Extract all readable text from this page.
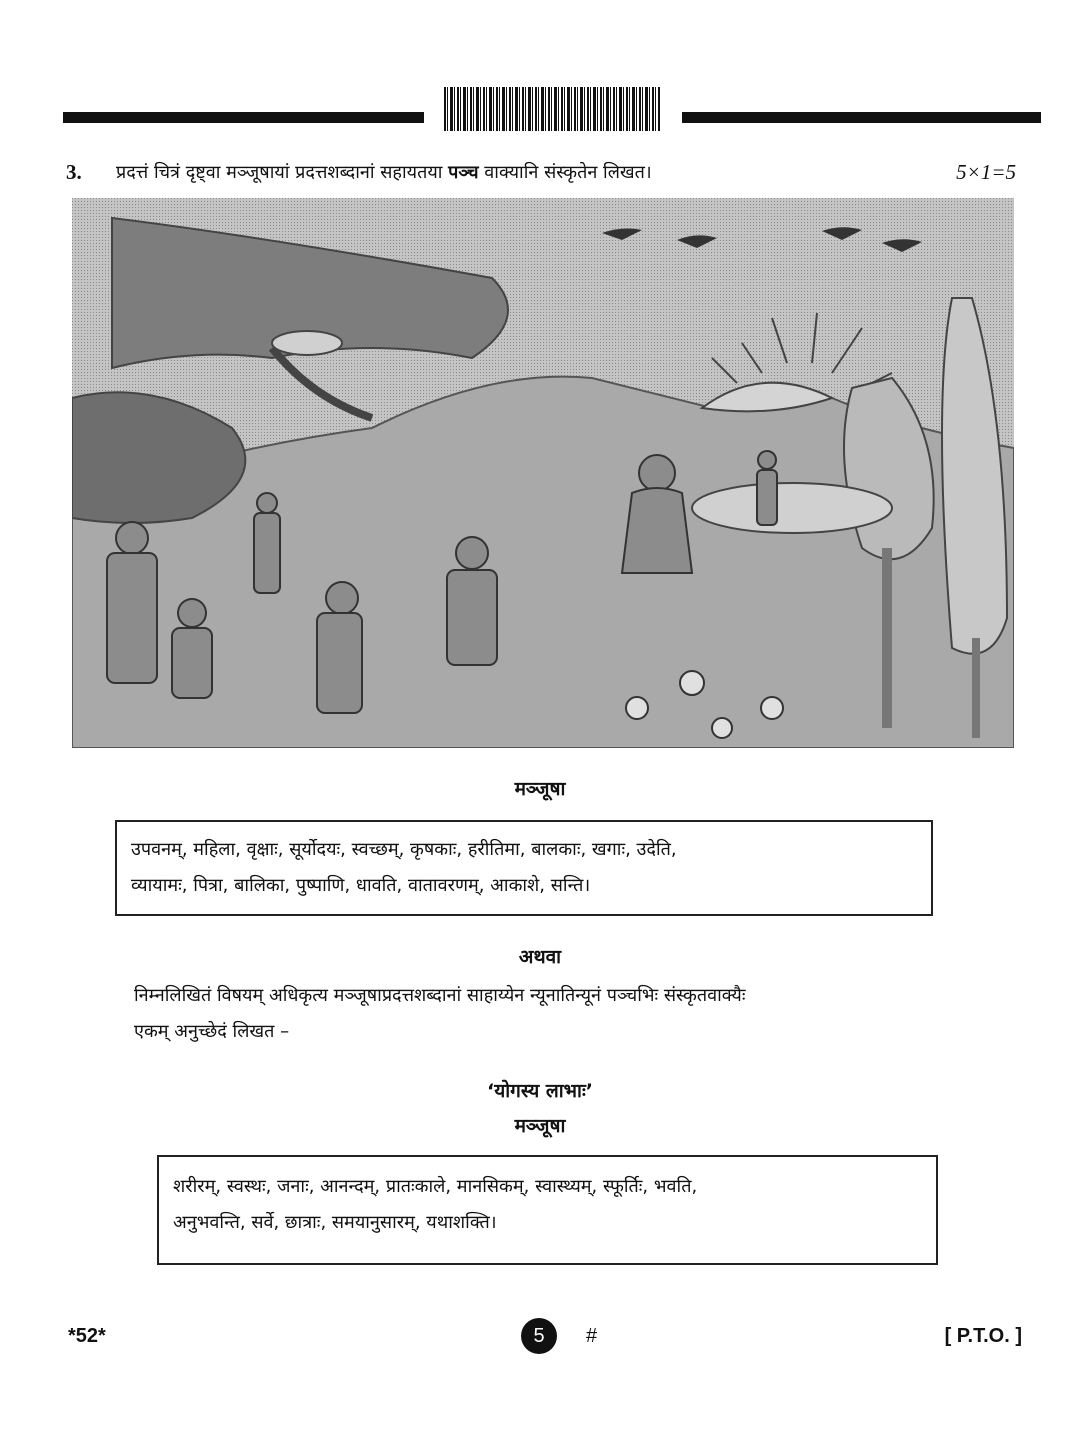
3.	प्रदत्तं चित्रं दृष्ट्वा मञ्जूषायां प्रदत्तशब्दानां सहायतया पञ्च वाक्यानि संस्कृतेन लिखत।	5×1=5
मञ्जूषा
उपवनम्, महिला, वृक्षाः, सूर्योदयः, स्वच्छम्, कृषकाः, हरीतिमा, बालकाः, खगाः, उदेति,
व्यायामः, पित्रा, बालिका, पुष्पाणि, धावति, वातावरणम्, आकाशे, सन्ति।
अथवा
निम्नलिखितं विषयम् अधिकृत्य मञ्जूषाप्रदत्तशब्दानां साहाय्येन न्यूनातिन्यूनं पञ्चभिः संस्कृतवाक्यैः
एकम् अनुच्छेदं लिखत –
‘योगस्य लाभाः’
मञ्जूषा
शरीरम्, स्वस्थः, जनाः, आनन्दम्, प्रातःकाले, मानसिकम्, स्वास्थ्यम्, स्फूर्तिः, भवति,
अनुभवन्ति, सर्वे, छात्राः, समयानुसारम्, यथाशक्ति।
*52*	5 #	[ P.T.O. ]
